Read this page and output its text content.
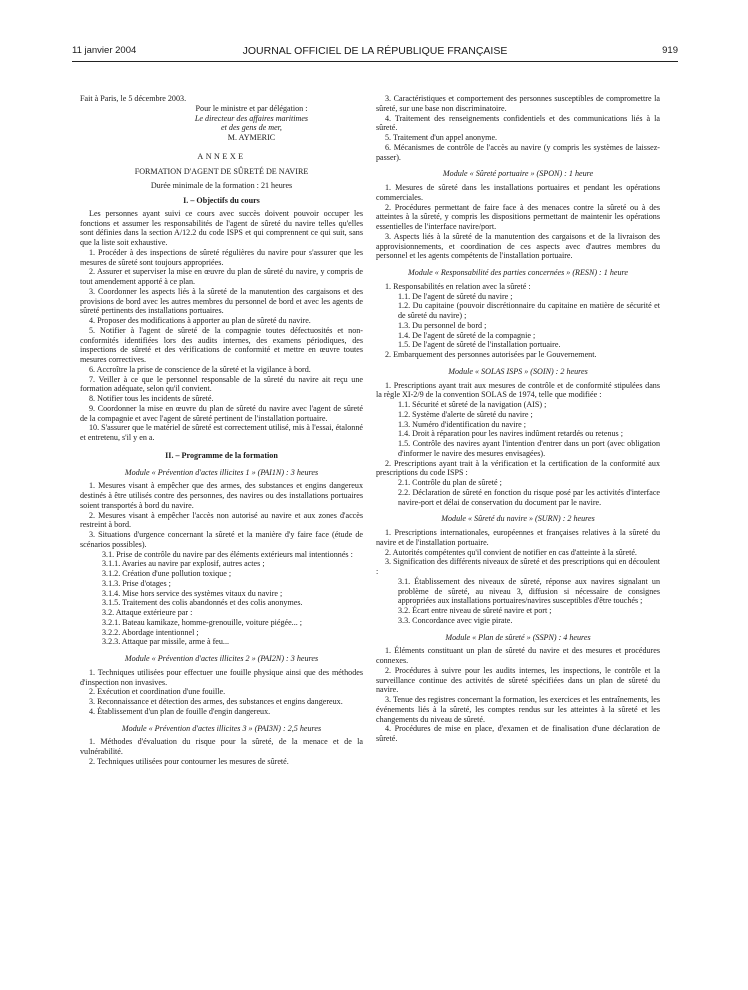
11 janvier 2004	JOURNAL OFFICIEL DE LA RÉPUBLIQUE FRANÇAISE	919

Fait à Paris, le 5 décembre 2003.

Pour le ministre et par délégation :

Le directeur des affaires maritimes

et des gens de mer,

M. AYMERIC

ANNEXE

FORMATION D'AGENT DE SÛRETÉ DE NAVIRE

Durée minimale de la formation : 21 heures

I. – Objectifs du cours

Les personnes ayant suivi ce cours avec succès doivent pouvoir occuper les fonctions et assumer les responsabilités de l'agent de sûreté du navire telles qu'elles sont définies dans la section A/12.2 du code ISPS et qui comprennent ce qui suit, sans que la liste soit exhaustive.

1. Procéder à des inspections de sûreté régulières du navire pour s'assurer que les mesures de sûreté sont toujours appropriées.

2. Assurer et superviser la mise en œuvre du plan de sûreté du navire, y compris de tout amendement apporté à ce plan.

3. Coordonner les aspects liés à la sûreté de la manutention des cargaisons et des provisions de bord avec les autres membres du personnel de bord et avec les agents de sûreté pertinents des installations portuaires.

4. Proposer des modifications à apporter au plan de sûreté du navire.

5. Notifier à l'agent de sûreté de la compagnie toutes défectuosités et non-conformités identifiées lors des audits internes, des examens périodiques, des inspections de sûreté et des vérifications de conformité et mettre en œuvre toutes mesures correctives.

6. Accroître la prise de conscience de la sûreté et la vigilance à bord.

7. Veiller à ce que le personnel responsable de la sûreté du navire ait reçu une formation adéquate, selon qu'il convient.

8. Notifier tous les incidents de sûreté.

9. Coordonner la mise en œuvre du plan de sûreté du navire avec l'agent de sûreté de la compagnie et avec l'agent de sûreté pertinent de l'installation portuaire.

10. S'assurer que le matériel de sûreté est correctement utilisé, mis à l'essai, étalonné et entretenu, s'il y en a.

II. – Programme de la formation
Module « Prévention d'actes illicites 1 » (PAI1N) : 3 heures

1. Mesures visant à empêcher que des armes, des substances et engins dangereux destinés à être utilisés contre des personnes, des navires ou des installations portuaires soient transportés à bord du navire.

2. Mesures visant à empêcher l'accès non autorisé au navire et aux zones d'accès restreint à bord.

3. Situations d'urgence concernant la sûreté et la manière d'y faire face (étude de scénarios possibles).

3.1. Prise de contrôle du navire par des éléments extérieurs mal intentionnés :

3.1.1. Avaries au navire par explosif, autres actes ;

3.1.2. Création d'une pollution toxique ;

3.1.3. Prise d'otages ;

3.1.4. Mise hors service des systèmes vitaux du navire ;

3.1.5. Traitement des colis abandonnés et des colis anonymes.

3.2. Attaque extérieure par :

3.2.1. Bateau kamikaze, homme-grenouille, voiture piégée... ;

3.2.2. Abordage intentionnel ;

3.2.3. Attaque par missile, arme à feu...

Module « Prévention d'actes illicites 2 » (PAI2N) : 3 heures

1. Techniques utilisées pour effectuer une fouille physique ainsi que des méthodes d'inspection non invasives.

2. Exécution et coordination d'une fouille.

3. Reconnaissance et détection des armes, des substances et engins dangereux.

4. Établissement d'un plan de fouille d'engin dangereux.

Module « Prévention d'actes illicites 3 » (PAI3N) : 2,5 heures

1. Méthodes d'évaluation du risque pour la sûreté, de la menace et de la vulnérabilité.

2. Techniques utilisées pour contourner les mesures de sûreté.

3. Caractéristiques et comportement des personnes susceptibles de compromettre la sûreté, sur une base non discriminatoire.

4. Traitement des renseignements confidentiels et des communications liés à la sûreté.

5. Traitement d'un appel anonyme.

6. Mécanismes de contrôle de l'accès au navire (y compris les systèmes de laissez-passer).

Module « Sûreté portuaire » (SPON) : 1 heure

1. Mesures de sûreté dans les installations portuaires et pendant les opérations commerciales.

2. Procédures permettant de faire face à des menaces contre la sûreté ou à des atteintes à la sûreté, y compris les dispositions permettant de maintenir les opérations essentielles de l'interface navire/port.

3. Aspects liés à la sûreté de la manutention des cargaisons et de la livraison des approvisionnements, et coordination de ces aspects avec d'autres membres du personnel et les agents compétents de l'installation portuaire.

Module « Responsabilité des parties concernées » (RESN) : 1 heure

1. Responsabilités en relation avec la sûreté :

1.1. De l'agent de sûreté du navire ;

1.2. Du capitaine (pouvoir discrétionnaire du capitaine en matière de sécurité et de sûreté du navire) ;

1.3. Du personnel de bord ;

1.4. De l'agent de sûreté de la compagnie ;

1.5. De l'agent de sûreté de l'installation portuaire.

2. Embarquement des personnes autorisées par le Gouvernement.

Module « SOLAS ISPS » (SOIN) : 2 heures

1. Prescriptions ayant trait aux mesures de contrôle et de conformité stipulées dans la règle XI-2/9 de la convention SOLAS de 1974, telle que modifiée :

1.1. Sécurité et sûreté de la navigation (AIS) ;

1.2. Système d'alerte de sûreté du navire ;

1.3. Numéro d'identification du navire ;

1.4. Droit à réparation pour les navires indûment retardés ou retenus ;

1.5. Contrôle des navires ayant l'intention d'entrer dans un port (avec obligation d'informer le navire des mesures envisagées).

2. Prescriptions ayant trait à la vérification et la certification de la conformité aux prescriptions du code ISPS :

2.1. Contrôle du plan de sûreté ;

2.2. Déclaration de sûreté en fonction du risque posé par les activités d'interface navire-port et délai de conservation du document par le navire.

Module « Sûreté du navire » (SURN) : 2 heures

1. Prescriptions internationales, européennes et françaises relatives à la sûreté du navire et de l'installation portuaire.

2. Autorités compétentes qu'il convient de notifier en cas d'atteinte à la sûreté.

3. Signification des différents niveaux de sûreté et des prescriptions qui en découlent :

3.1. Établissement des niveaux de sûreté, réponse aux navires signalant un problème de sûreté, au niveau 3, diffusion si nécessaire de consignes appropriées aux installations portuaires/navires susceptibles d'être touchés ;

3.2. Écart entre niveau de sûreté navire et port ;

3.3. Concordance avec vigie pirate.

Module « Plan de sûreté » (SSPN) : 4 heures

1. Éléments constituant un plan de sûreté du navire et des mesures et procédures connexes.

2. Procédures à suivre pour les audits internes, les inspections, le contrôle et la surveillance continue des activités de sûreté spécifiées dans un plan de sûreté du navire.

3. Tenue des registres concernant la formation, les exercices et les entraînements, les événements liés à la sûreté, les comptes rendus sur les atteintes à la sûreté et les changements du niveau de sûreté.

4. Procédures de mise en place, d'examen et de finalisation d'une déclaration de sûreté.
